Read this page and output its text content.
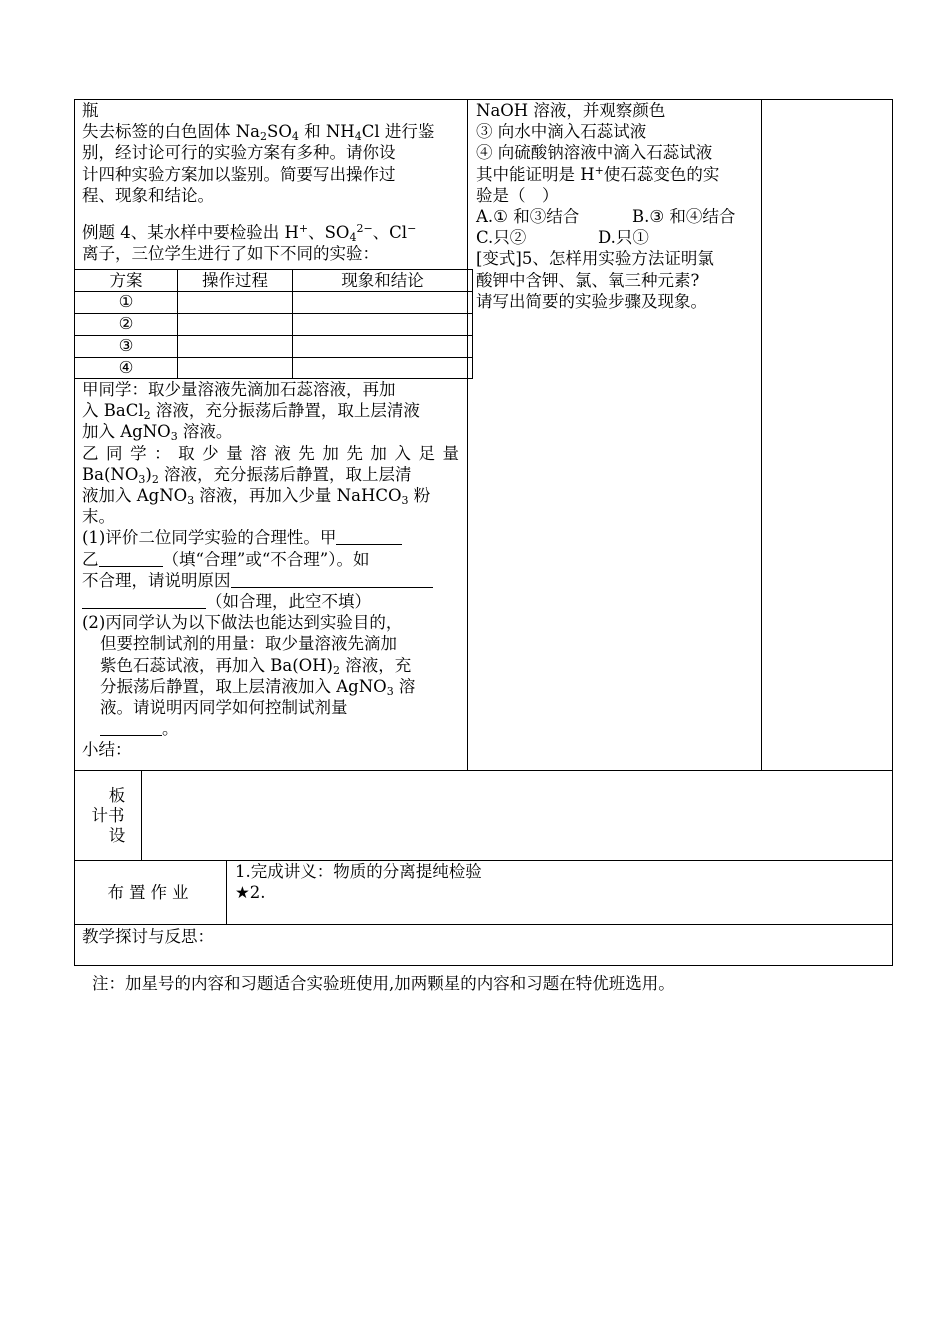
瓶
失去标签的白色固体 $Na_2SO_4$ 和 $NH_4Cl$ 进行鉴
别，经讨论可行的实验方案有多种。请你设
计四种实验方案加以鉴别。简要写出操作过
程、现象和结论。
例题 4、某水样中要检验出 H+、$SO_4^{2-}$、Cl−
离子，三位学生进行了如下不同的实验：
方案	操作过程	现象和结论
①
②
③
④
甲同学：取少量溶液先滴加石蕊溶液，再加
入 BaCl$_2$ 溶液，充分振荡后静置，取上层清液
加入 AgNO$_3$ 溶液。
乙同学：取少量溶液先加先加入足量
$Ba(NO_3)_2$ 溶液，充分振荡后静置，取上层清
液加入 AgNO$_3$ 溶液，再加入少量 NaHCO$_3$ 粉
末。
(1)评价二位同学实验的合理性。甲
乙	（填“合理”或“不合理”）。如
不合理，请说明原因
（如合理，此空不填）
(2)丙同学认为以下做法也能达到实验目的，
但要控制试剂的用量：取少量溶液先滴加
紫色石蕊试液，再加入 $Ba(OH)_2$ 溶液，充
分振荡后静置，取上层清液加入 AgNO$_3$ 溶
液。请说明丙同学如何控制试剂量
。
小结：
NaOH 溶液，并观察颜色
③ 向水中滴入石蕊试液
④ 向硫酸钠溶液中滴入石蕊试液
其中能证明是 H+使石蕊变色的实
验是（　）
A.① 和③结合	B.③ 和④结合
C.只②	D.只①
[变式]5、怎样用实验方法证明氯
酸钾中含钾、氯、氧三种元素?
请写出简要的实验步骤及现象。
板
计书
设
布置作业
1.完成讲义：物质的分离提纯检验
★2.
教学探讨与反思：
注：加星号的内容和习题适合实验班使用,加两颗星的内容和习题在特优班选用。
